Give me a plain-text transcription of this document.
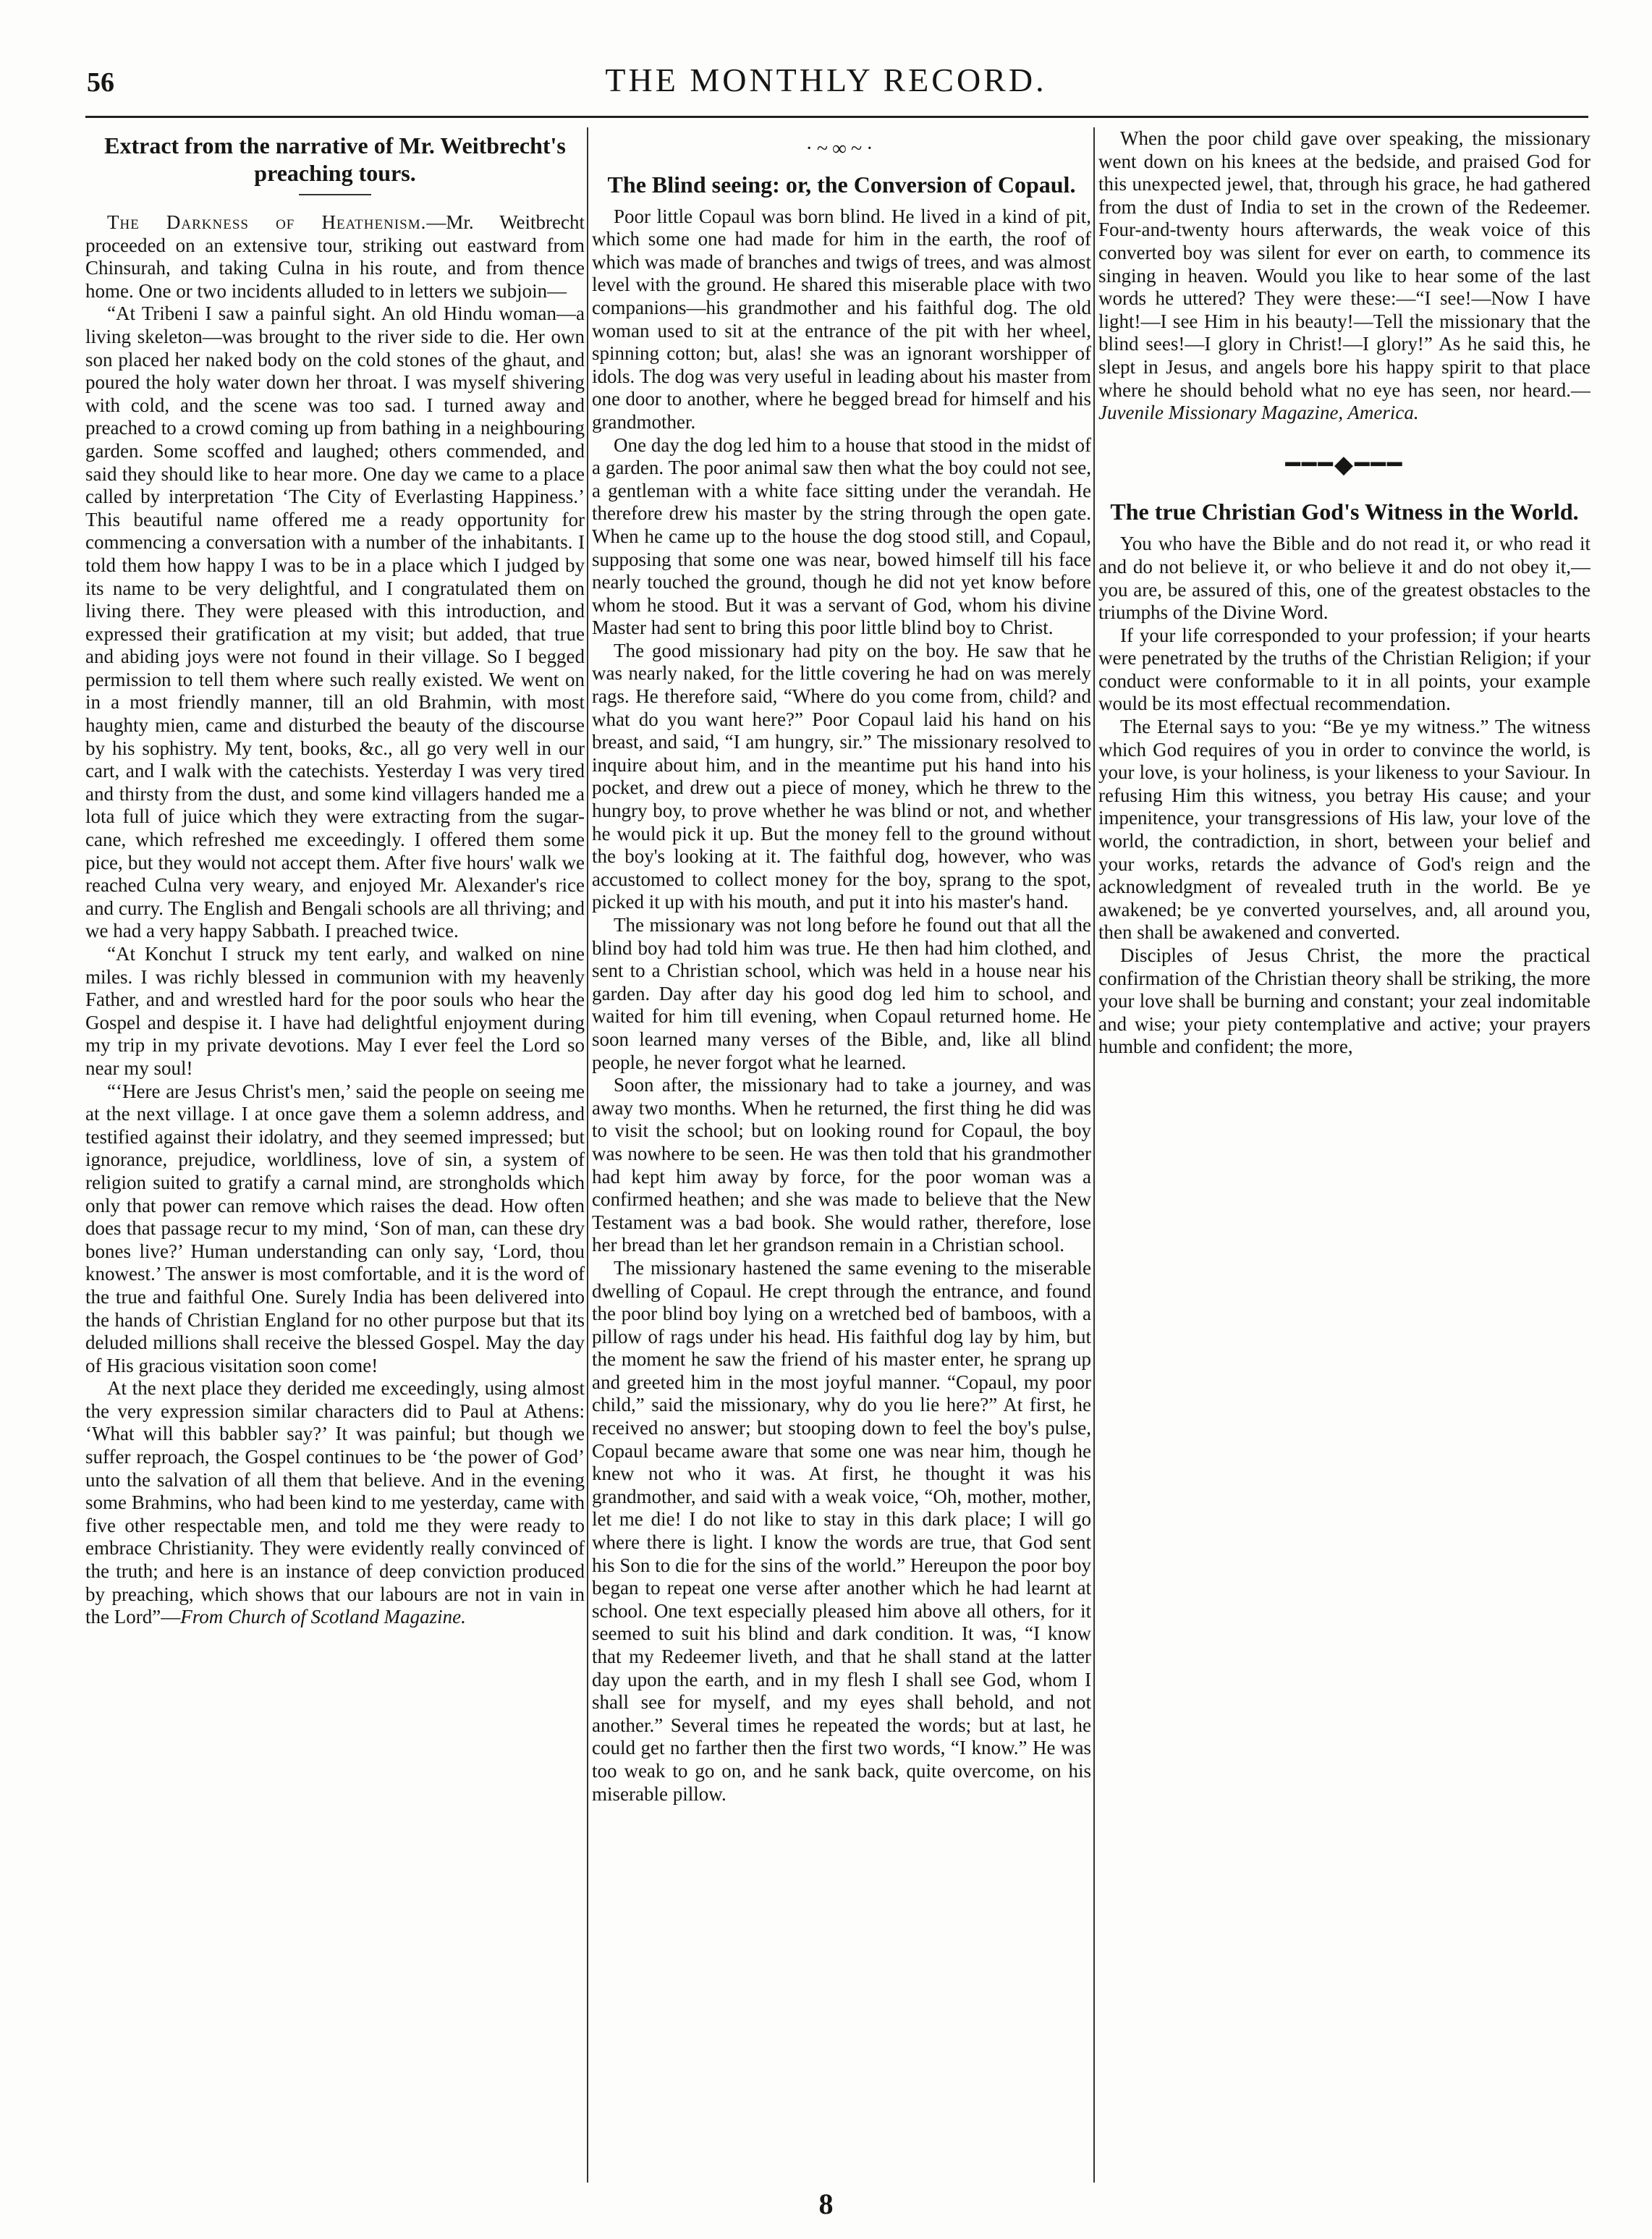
56	THE MONTHLY RECORD.
Extract from the narrative of Mr. Weitbrecht's preaching tours.

The Darkness of Heathenism.—Mr. Weitbrecht proceeded on an extensive tour, striking out eastward from Chinsurah, and taking Culna in his route, and from thence home. One or two incidents alluded to in letters we subjoin—

“At Tribeni I saw a painful sight. An old Hindu woman—a living skeleton—was brought to the river side to die. Her own son placed her naked body on the cold stones of the ghaut, and poured the holy water down her throat. I was myself shivering with cold, and the scene was too sad. I turned away and preached to a crowd coming up from bathing in a neighbouring garden. Some scoffed and laughed; others commended, and said they should like to hear more. One day we came to a place called by interpretation ‘The City of Everlasting Happiness.’ This beautiful name offered me a ready opportunity for commencing a conversation with a number of the inhabitants. I told them how happy I was to be in a place which I judged by its name to be very delightful, and I congratulated them on living there. They were pleased with this introduction, and expressed their gratification at my visit; but added, that true and abiding joys were not found in their village. So I begged permission to tell them where such really existed. We went on in a most friendly manner, till an old Brahmin, with most haughty mien, came and disturbed the beauty of the discourse by his sophistry. My tent, books, &c., all go very well in our cart, and I walk with the catechists. Yesterday I was very tired and thirsty from the dust, and some kind villagers handed me a lota full of juice which they were extracting from the sugar-cane, which refreshed me exceedingly. I offered them some pice, but they would not accept them. After five hours' walk we reached Culna very weary, and enjoyed Mr. Alexander's rice and curry. The English and Bengali schools are all thriving; and we had a very happy Sabbath. I preached twice.

“At Konchut I struck my tent early, and walked on nine miles. I was richly blessed in communion with my heavenly Father, and and wrestled hard for the poor souls who hear the Gospel and despise it. I have had delightful enjoyment during my trip in my private devotions. May I ever feel the Lord so near my soul!

“‘Here are Jesus Christ's men,’ said the people on seeing me at the next village. I at once gave them a solemn address, and testified against their idolatry, and they seemed impressed; but ignorance, prejudice, worldliness, love of sin, a system of religion suited to gratify a carnal mind, are strongholds which only that power can remove which raises the dead. How often does that passage recur to my mind, ‘Son of man, can these dry bones live?’ Human understanding can only say, ‘Lord, thou knowest.’ The answer is most comfortable, and it is the word of the true and faithful One. Surely India has been delivered into the hands of Christian England for no other purpose but that its deluded millions shall receive the blessed Gospel. May the day of His gracious visitation soon come!

At the next place they derided me exceedingly, using almost the very expression similar characters did to Paul at Athens: ‘What will this babbler say?’ It was painful; but though we suffer reproach, the Gospel continues to be ‘the power of God’ unto the salvation of all them that believe. And in the evening some Brahmins, who had been kind to me yesterday, came with five other respectable men, and told me they were ready to embrace Christianity. They were evidently really convinced of the truth; and here is an instance of deep conviction produced by preaching, which shows that our labours are not in vain in the Lord”—From Church of Scotland Magazine.

·~∞~·
The Blind seeing: or, the Conversion of Copaul.

Poor little Copaul was born blind. He lived in a kind of pit, which some one had made for him in the earth, the roof of which was made of branches and twigs of trees, and was almost level with the ground. He shared this miserable place with two companions—his grandmother and his faithful dog. The old woman used to sit at the entrance of the pit with her wheel, spinning cotton; but, alas! she was an ignorant worshipper of idols. The dog was very useful in leading about his master from one door to another, where he begged bread for himself and his grandmother.

One day the dog led him to a house that stood in the midst of a garden. The poor animal saw then what the boy could not see, a gentleman with a white face sitting under the verandah. He therefore drew his master by the string through the open gate. When he came up to the house the dog stood still, and Copaul, supposing that some one was near, bowed himself till his face nearly touched the ground, though he did not yet know before whom he stood. But it was a servant of God, whom his divine Master had sent to bring this poor little blind boy to Christ.

The good missionary had pity on the boy. He saw that he was nearly naked, for the little covering he had on was merely rags. He therefore said, “Where do you come from, child? and what do you want here?” Poor Copaul laid his hand on his breast, and said, “I am hungry, sir.” The missionary resolved to inquire about him, and in the meantime put his hand into his pocket, and drew out a piece of money, which he threw to the hungry boy, to prove whether he was blind or not, and whether he would pick it up. But the money fell to the ground without the boy's looking at it. The faithful dog, however, who was accustomed to collect money for the boy, sprang to the spot, picked it up with his mouth, and put it into his master's hand.

The missionary was not long before he found out that all the blind boy had told him was true. He then had him clothed, and sent to a Christian school, which was held in a house near his garden. Day after day his good dog led him to school, and waited for him till evening, when Copaul returned home. He soon learned many verses of the Bible, and, like all blind people, he never forgot what he learned.

Soon after, the missionary had to take a journey, and was away two months. When he returned, the first thing he did was to visit the school; but on looking round for Copaul, the boy was nowhere to be seen. He was then told that his grandmother had kept him away by force, for the poor woman was a confirmed heathen; and she was made to believe that the New Testament was a bad book. She would rather, therefore, lose her bread than let her grandson remain in a Christian school.

The missionary hastened the same evening to the miserable dwelling of Copaul. He crept through the entrance, and found the poor blind boy lying on a wretched bed of bamboos, with a pillow of rags under his head. His faithful dog lay by him, but the moment he saw the friend of his master enter, he sprang up and greeted him in the most joyful manner. “Copaul, my poor child,” said the missionary, why do you lie here?” At first, he received no answer; but stooping down to feel the boy's pulse, Copaul became aware that some one was near him, though he knew not who it was. At first, he thought it was his grandmother, and said with a weak voice, “Oh, mother, mother, let me die! I do not like to stay in this dark place; I will go where there is light. I know the words are true, that God sent his Son to die for the sins of the world.” Hereupon the poor boy began to repeat one verse after another which he had learnt at school. One text especially pleased him above all others, for it seemed to suit his blind and dark condition. It was, “I know that my Redeemer liveth, and that he shall stand at the latter day upon the earth, and in my flesh I shall see God, whom I shall see for myself, and my eyes shall behold, and not another.” Several times he repeated the words; but at last, he could get no farther then the first two words, “I know.” He was too weak to go on, and he sank back, quite overcome, on his miserable pillow.

When the poor child gave over speaking, the missionary went down on his knees at the bedside, and praised God for this unexpected jewel, that, through his grace, he had gathered from the dust of India to set in the crown of the Redeemer. Four-and-twenty hours afterwards, the weak voice of this converted boy was silent for ever on earth, to commence its singing in heaven. Would you like to hear some of the last words he uttered? They were these:—“I see!—Now I have light!—I see Him in his beauty!—Tell the missionary that the blind sees!—I glory in Christ!—I glory!” As he said this, he slept in Jesus, and angels bore his happy spirit to that place where he should behold what no eye has seen, nor heard.—Juvenile Missionary Magazine, America.

━━━◆━━━
The true Christian God's Witness in the World.

You who have the Bible and do not read it, or who read it and do not believe it, or who believe it and do not obey it,—you are, be assured of this, one of the greatest obstacles to the triumphs of the Divine Word.

If your life corresponded to your profession; if your hearts were penetrated by the truths of the Christian Religion; if your conduct were conformable to it in all points, your example would be its most effectual recommendation.

The Eternal says to you: “Be ye my witness.” The witness which God requires of you in order to convince the world, is your love, is your holiness, is your likeness to your Saviour. In refusing Him this witness, you betray His cause; and your impenitence, your transgressions of His law, your love of the world, the contradiction, in short, between your belief and your works, retards the advance of God's reign and the acknowledgment of revealed truth in the world. Be ye awakened; be ye converted yourselves, and, all around you, then shall be awakened and converted.

Disciples of Jesus Christ, the more the practical confirmation of the Christian theory shall be striking, the more your love shall be burning and constant; your zeal indomitable and wise; your piety contemplative and active; your prayers humble and confident; the more,

8
